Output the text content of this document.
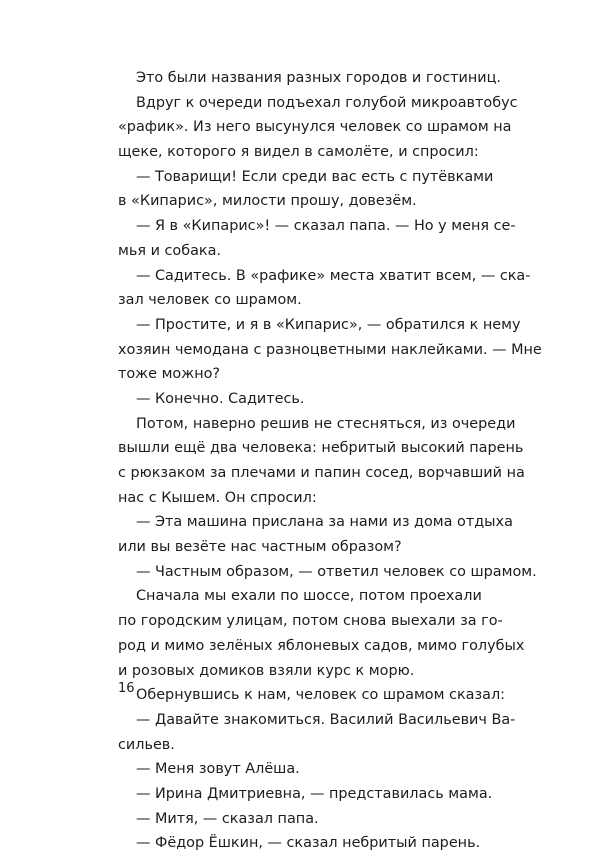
Это были названия разных городов и гостиниц.
Вдруг к очереди подъехал голубой микроавтобус
«рафик». Из него высунулся человек со шрамом на
щеке, которого я видел в самолёте, и спросил:
— Товарищи! Если среди вас есть с путёвками
в «Кипарис», милости прошу, довезём.
— Я в «Кипарис»! — сказал папа. — Но у меня се-
мья и собака.
— Садитесь. В «рафике» места хватит всем, — ска-
зал человек со шрамом.
— Простите, и я в «Кипарис», — обратился к нему
хозяин чемодана с разноцветными наклейками. — Мне
тоже можно?
— Конечно. Садитесь.
Потом, наверно решив не стесняться, из очереди
вышли ещё два человека: небритый высокий парень
с рюкзаком за плечами и папин сосед, ворчавший на
нас с Кышем. Он спросил:
— Эта машина прислана за нами из дома отдыха
или вы везёте нас частным образом?
— Частным образом, — ответил человек со шрамом.
Сначала мы ехали по шоссе, потом проехали
по городским улицам, потом снова выехали за го-
род и мимо зелёных яблоневых садов, мимо голубых
и розовых домиков взяли курс к морю.
Обернувшись к нам, человек со шрамом сказал:
— Давайте знакомиться. Василий Васильевич Ва-
сильев.
— Меня зовут Алёша.
— Ирина Дмитриевна, — представилась мама.
— Митя, — сказал папа.
— Фёдор Ёшкин, — сказал небритый парень.
16
